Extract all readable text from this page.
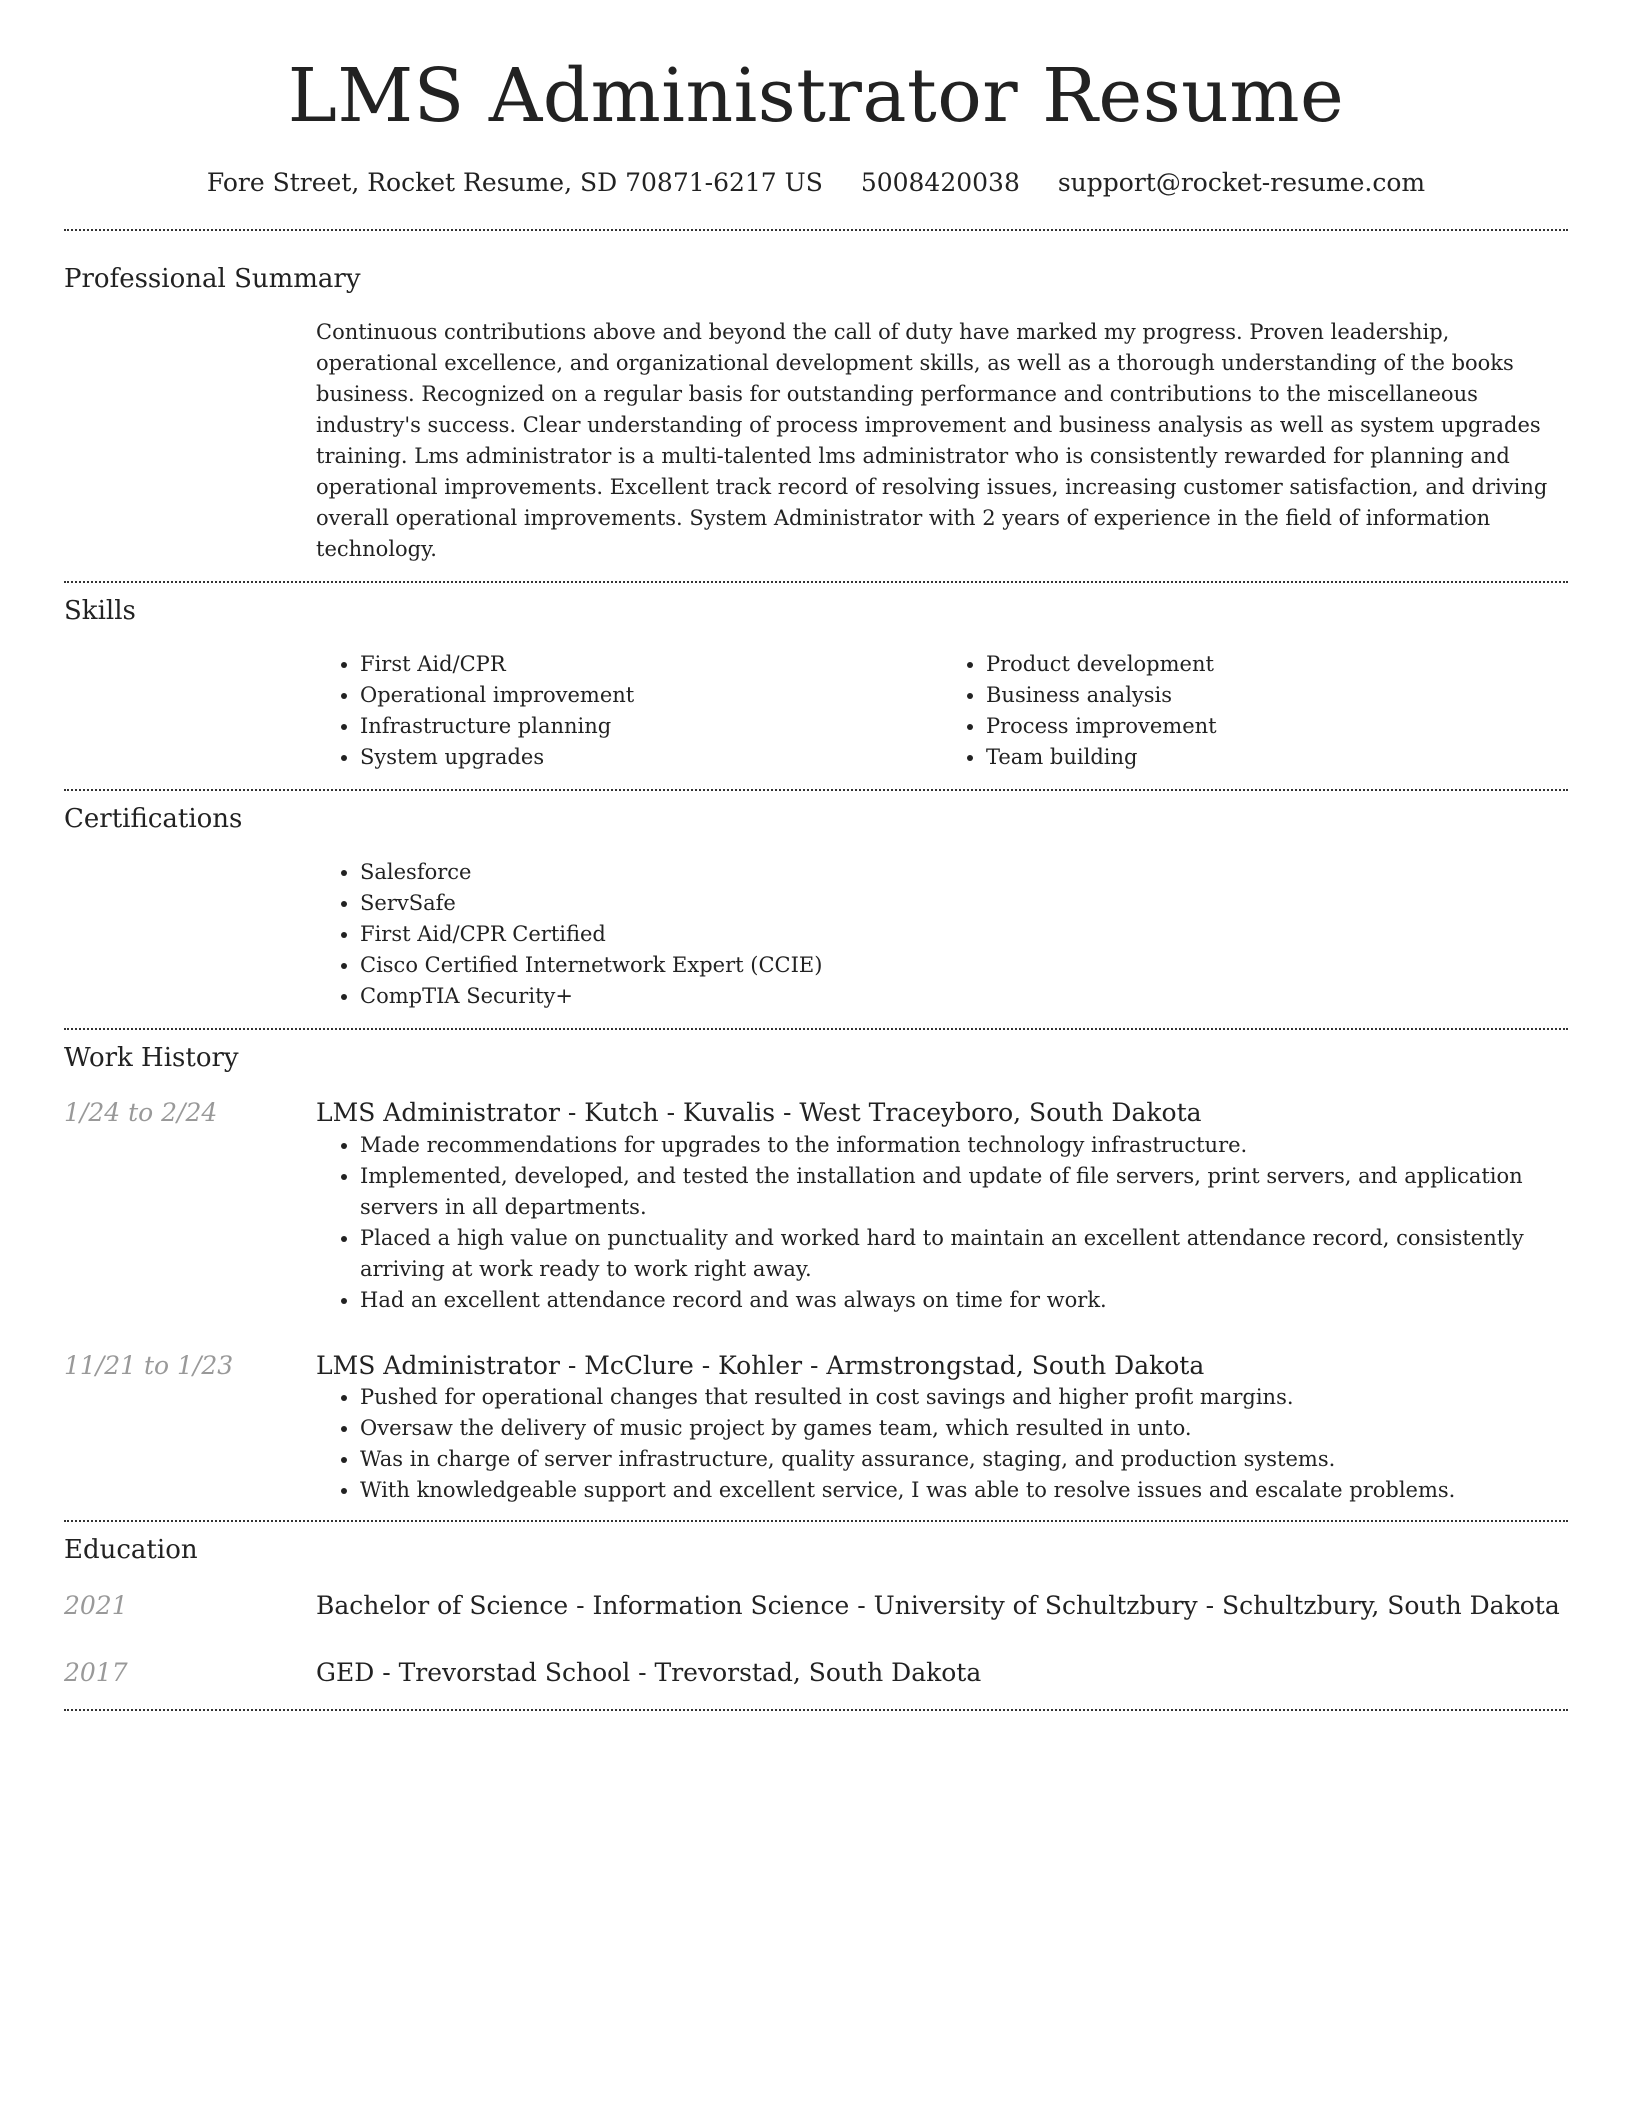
LMS Administrator Resume
Fore Street, Rocket Resume, SD 70871-6217 US 5008420038 support@rocket-resume.com
Professional Summary

Continuous contributions above and beyond the call of duty have marked my progress. Proven leadership, operational excellence, and organizational development skills, as well as a thorough understanding of the books business. Recognized on a regular basis for outstanding performance and contributions to the miscellaneous industry's success. Clear understanding of process improvement and business analysis as well as system upgrades training. Lms administrator is a multi-talented lms administrator who is consistently rewarded for planning and operational improvements. Excellent track record of resolving issues, increasing customer satisfaction, and driving overall operational improvements. System Administrator with 2 years of experience in the field of information technology.

Skills
• First Aid/CPR
• Operational improvement
• Infrastructure planning
• System upgrades
• Product development
• Business analysis
• Process improvement
• Team building
Certifications
• Salesforce
• ServSafe
• First Aid/CPR Certified
• Cisco Certified Internetwork Expert (CCIE)
• CompTIA Security+
Work History
1/24 to 2/24	LMS Administrator - Kutch - Kuvalis - West Traceyboro, South Dakota
• Made recommendations for upgrades to the information technology infrastructure.
• Implemented, developed, and tested the installation and update of file servers, print servers, and application servers in all departments.
• Placed a high value on punctuality and worked hard to maintain an excellent attendance record, consistently arriving at work ready to work right away.
• Had an excellent attendance record and was always on time for work.
11/21 to 1/23	LMS Administrator - McClure - Kohler - Armstrongstad, South Dakota
• Pushed for operational changes that resulted in cost savings and higher profit margins.
• Oversaw the delivery of music project by games team, which resulted in unto.
• Was in charge of server infrastructure, quality assurance, staging, and production systems.
• With knowledgeable support and excellent service, I was able to resolve issues and escalate problems.
Education
2021	Bachelor of Science - Information Science - University of Schultzbury - Schultzbury, South Dakota
2017	GED - Trevorstad School - Trevorstad, South Dakota
